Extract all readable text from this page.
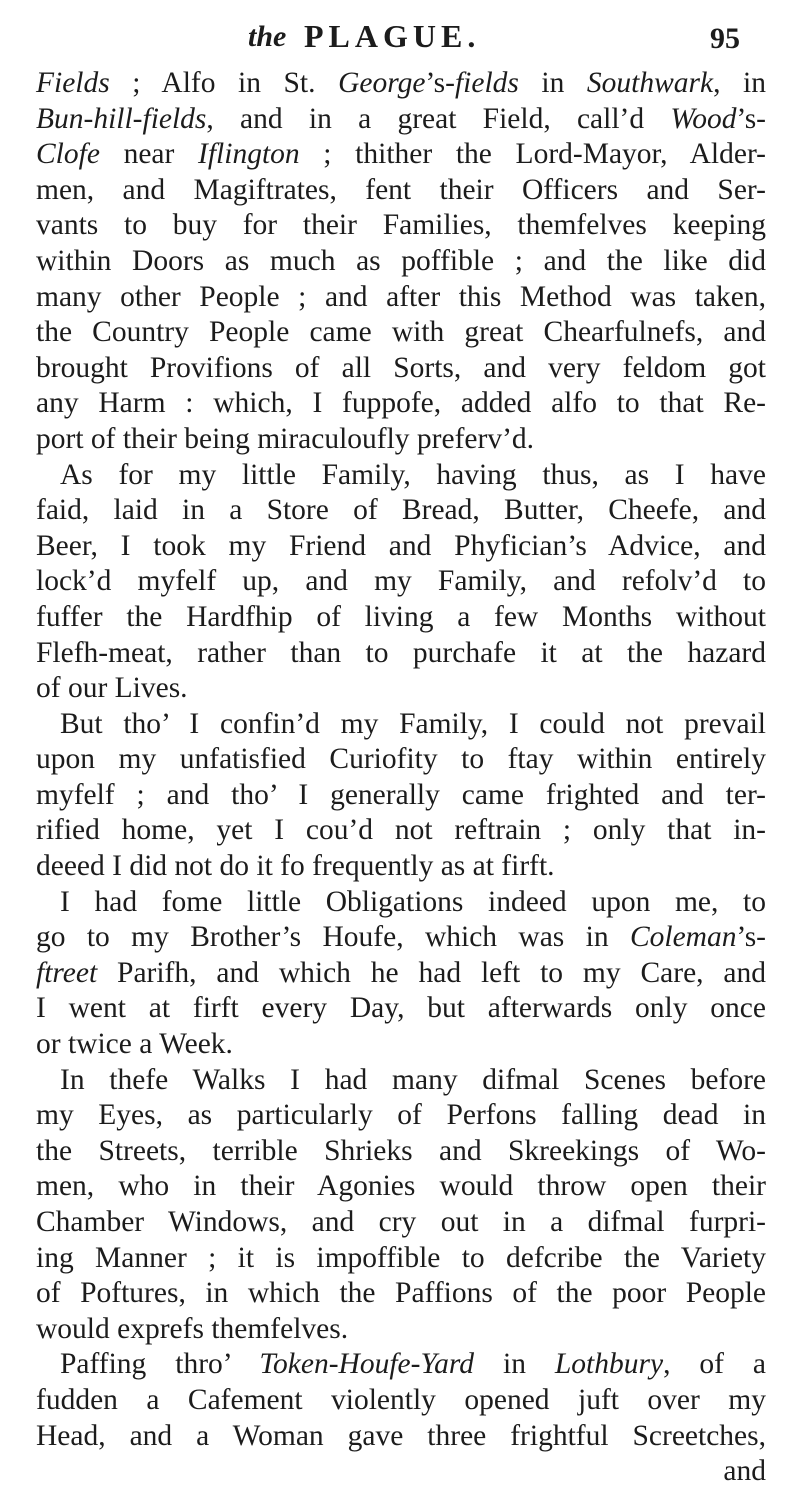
the PLAGUE.	95
Fields ; Alfo in St. George’s-fields in Southwark, in
Bun-hill-fields, and in a great Field, call’d Wood’s-
Clofe near Iflington ; thither the Lord-Mayor, Alder-
men, and Magiftrates, fent their Officers and Ser-
vants to buy for their Families, themfelves keeping
within Doors as much as poffible ; and the like did
many other People ; and after this Method was taken,
the Country People came with great Chearfulnefs, and
brought Provifions of all Sorts, and very feldom got
any Harm : which, I fuppofe, added alfo to that Re-
port of their being miraculoufly preferv’d.
As for my little Family, having thus, as I have
faid, laid in a Store of Bread, Butter, Cheefe, and
Beer, I took my Friend and Phyfician’s Advice, and
lock’d myfelf up, and my Family, and refolv’d to
fuffer the Hardfhip of living a few Months without
Flefh-meat, rather than to purchafe it at the hazard
of our Lives.
But tho’ I confin’d my Family, I could not prevail
upon my unfatisfied Curiofity to ftay within entirely
myfelf ; and tho’ I generally came frighted and ter-
rified home, yet I cou’d not reftrain ; only that in-
deeed I did not do it fo frequently as at firft.
I had fome little Obligations indeed upon me, to
go to my Brother’s Houfe, which was in Coleman’s-
ftreet Parifh, and which he had left to my Care, and
I went at firft every Day, but afterwards only once
or twice a Week.
In thefe Walks I had many difmal Scenes before
my Eyes, as particularly of Perfons falling dead in
the Streets, terrible Shrieks and Skreekings of Wo-
men, who in their Agonies would throw open their
Chamber Windows, and cry out in a difmal furpri-
ing Manner ; it is impoffible to defcribe the Variety
of Poftures, in which the Paffions of the poor People
would exprefs themfelves.
Paffing thro’ Token-Houfe-Yard in Lothbury, of a
fudden a Cafement violently opened juft over my
Head, and a Woman gave three frightful Screetches,
and
